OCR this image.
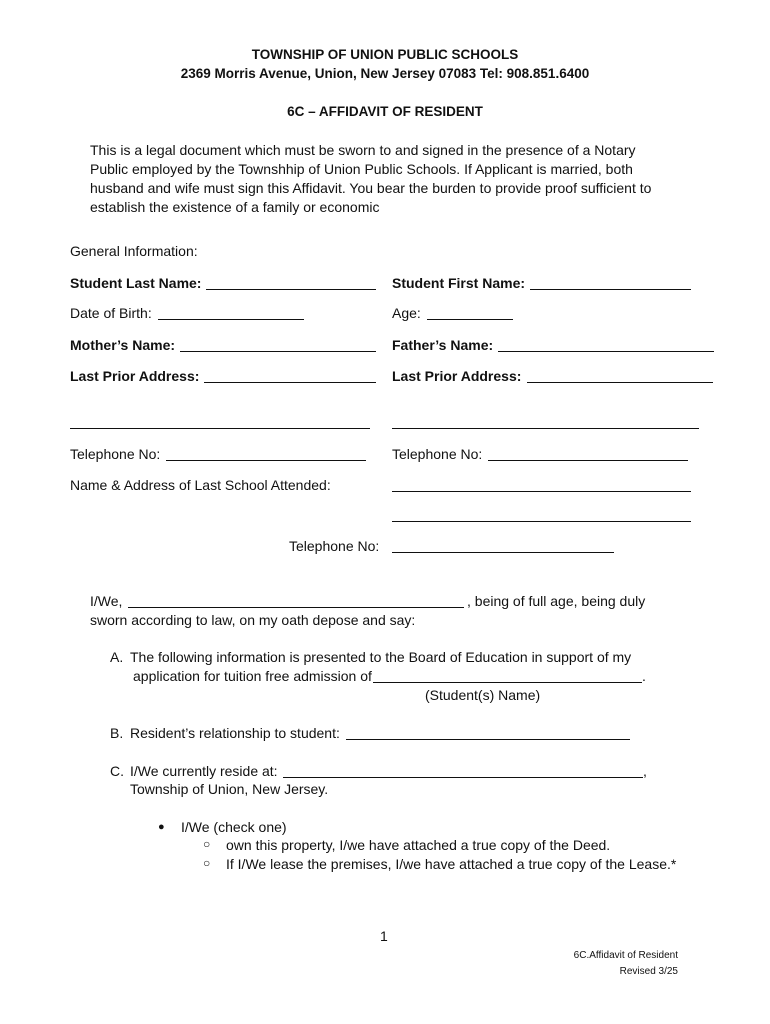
TOWNSHIP OF UNION PUBLIC SCHOOLS
2369 Morris Avenue, Union, New Jersey 07083 Tel: 908.851.6400
6C – AFFIDAVIT OF RESIDENT
This is a legal document which must be sworn to and signed in the presence of a Notary
Public employed by the Townshhip of Union Public Schools. If Applicant is married, both
husband and wife must sign this Affidavit. You bear the burden to provide proof sufficient to
establish the existence of a family or economic
General Information:
Student Last Name:	Student First Name:
Date of Birth:	Age:
Mother’s Name:	Father’s Name:
Last Prior Address:	Last Prior Address:
Telephone No:	Telephone No:
Name & Address of Last School Attended:
Telephone No:
I/We,	, being of full age, being duly
sworn according to law, on my oath depose and say:
A. The following information is presented to the Board of Education in support of my
application for tuition free admission of	.
(Student(s) Name)
B. Resident’s relationship to student:
C. I/We currently reside at:	,
Township of Union, New Jersey.
● I/We (check one)
○ own this property, I/we have attached a true copy of the Deed.
○ If I/We lease the premises, I/we have attached a true copy of the Lease.*
1
6C.Affidavit of Resident
Revised 3/25
